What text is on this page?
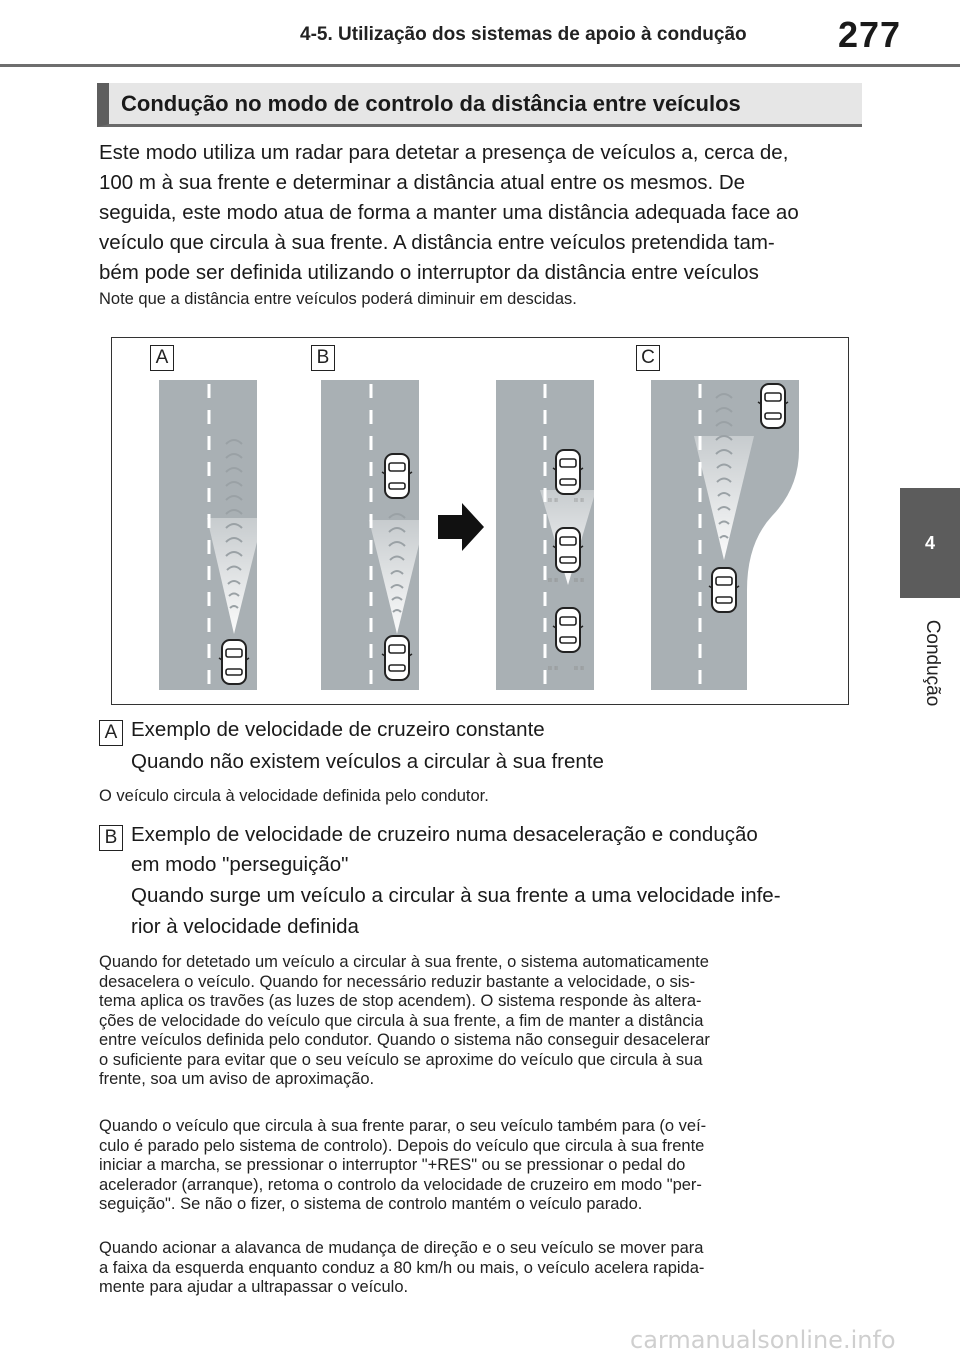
4-5. Utilização dos sistemas de apoio à condução	277
4
Condução
Condução no modo de controlo da distância entre veículos
Este modo utiliza um radar para detetar a presença de veículos a, cerca de,
100 m à sua frente e determinar a distância atual entre os mesmos. De
seguida, este modo atua de forma a manter uma distância adequada face ao
veículo que circula à sua frente. A distância entre veículos pretendida tam-
bém pode ser definida utilizando o interruptor da distância entre veículos
Note que a distância entre veículos poderá diminuir em descidas.
ıı ıı ıı ıı
ıı ıı ıı ıı
ıı ıı ıı ıı
A	B	C
A Exemplo de velocidade de cruzeiro constante
Quando não existem veículos a circular à sua frente
O veículo circula à velocidade definida pelo condutor.
B Exemplo de velocidade de cruzeiro numa desaceleração e condução
em modo "perseguição"
Quando surge um veículo a circular à sua frente a uma velocidade infe-
rior à velocidade definida
Quando for detetado um veículo a circular à sua frente, o sistema automaticamente
desacelera o veículo. Quando for necessário reduzir bastante a velocidade, o sis-
tema aplica os travões (as luzes de stop acendem). O sistema responde às altera-
ções de velocidade do veículo que circula à sua frente, a fim de manter a distância
entre veículos definida pelo condutor. Quando o sistema não conseguir desacelerar
o suficiente para evitar que o seu veículo se aproxime do veículo que circula à sua
frente, soa um aviso de aproximação.
Quando o veículo que circula à sua frente parar, o seu veículo também para (o veí-
culo é parado pelo sistema de controlo). Depois do veículo que circula à sua frente
iniciar a marcha, se pressionar o interruptor "+RES" ou se pressionar o pedal do
acelerador (arranque), retoma o controlo da velocidade de cruzeiro em modo "per-
seguição". Se não o fizer, o sistema de controlo mantém o veículo parado.
Quando acionar a alavanca de mudança de direção e o seu veículo se mover para
a faixa da esquerda enquanto conduz a 80 km/h ou mais, o veículo acelera rapida-
mente para ajudar a ultrapassar o veículo.
carmanualsonline.info
